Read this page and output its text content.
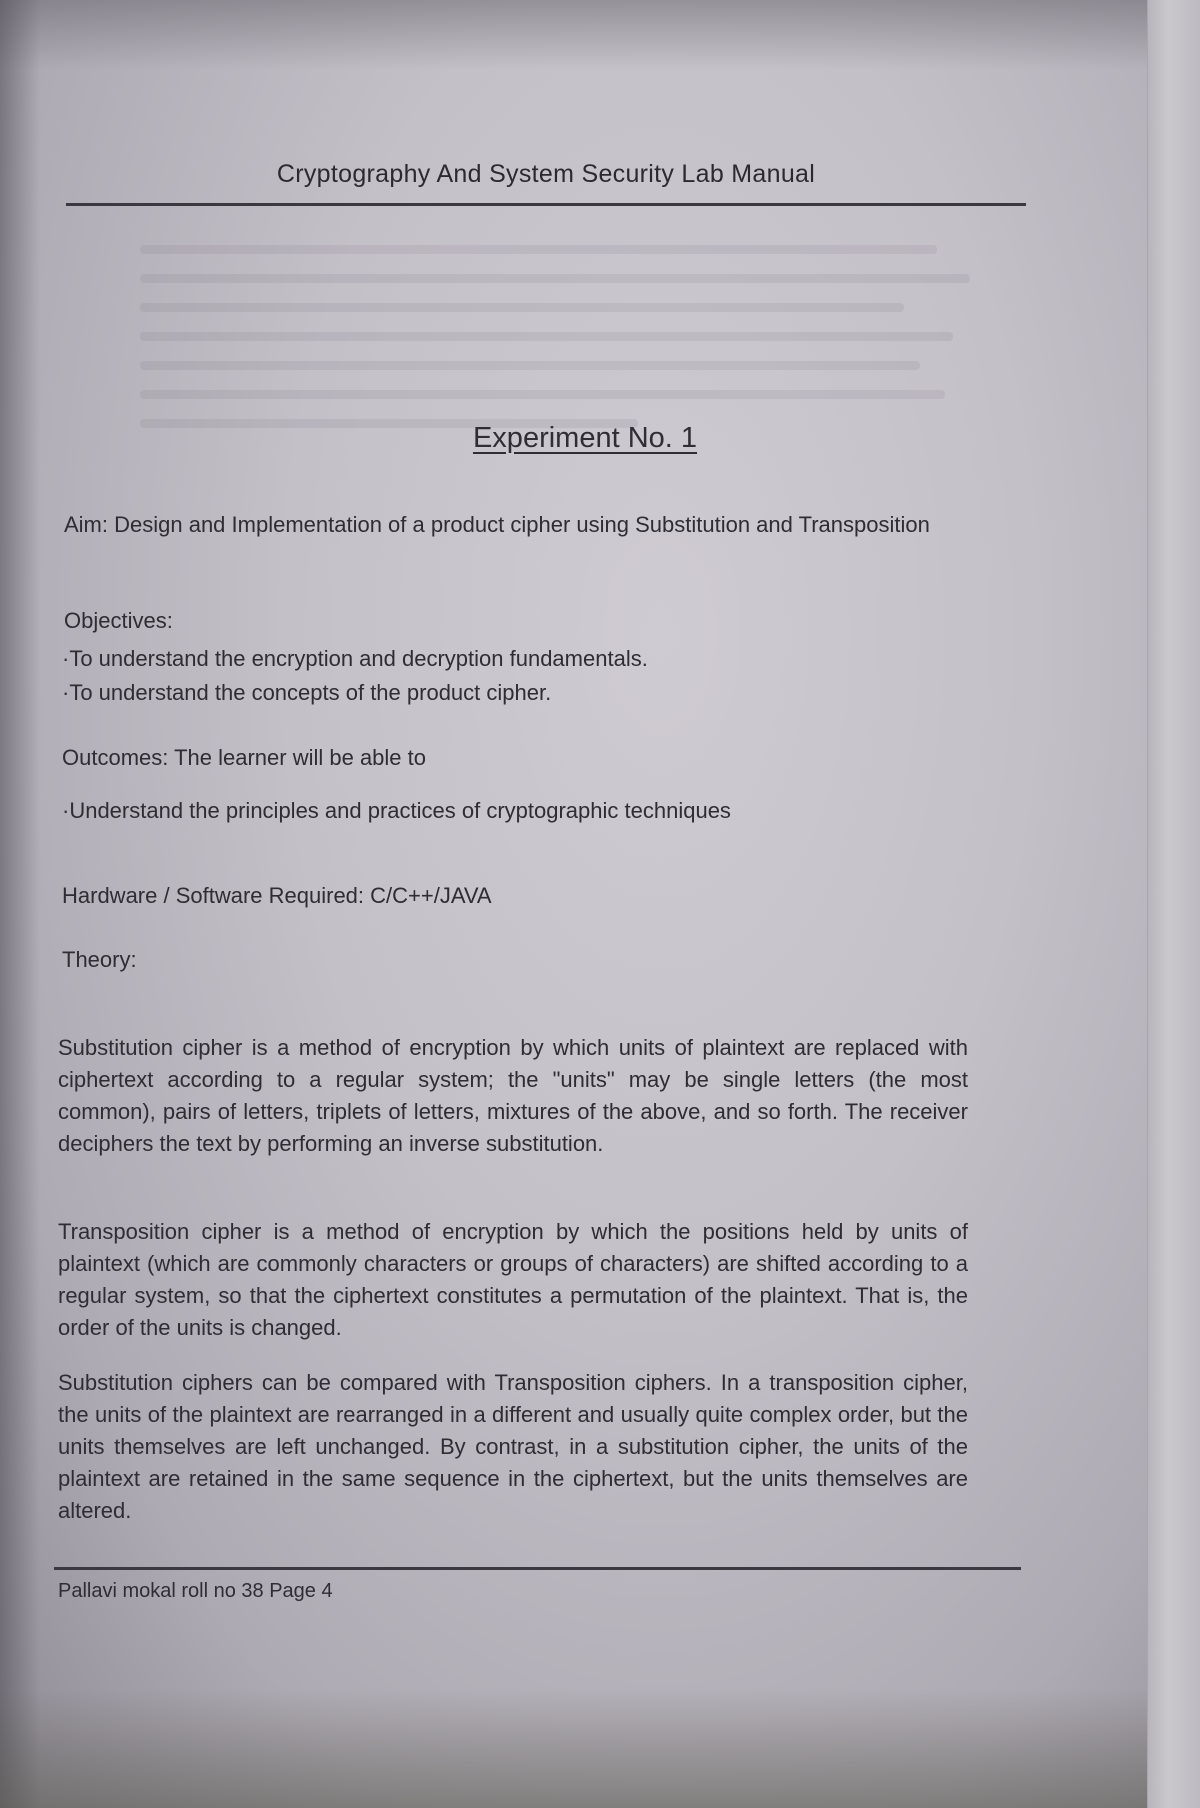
Cryptography And System Security Lab Manual
Experiment No. 1
Aim: Design and Implementation of a product cipher using Substitution and Transposition
Objectives:
· To understand the encryption and decryption fundamentals.
· To understand the concepts of the product cipher.
Outcomes: The learner will be able to
· Understand the principles and practices of cryptographic techniques
Hardware / Software Required: C/C++/JAVA
Theory:
Substitution cipher is a method of encryption by which units of plaintext are replaced with ciphertext according to a regular system; the "units" may be single letters (the most common), pairs of letters, triplets of letters, mixtures of the above, and so forth. The receiver deciphers the text by performing an inverse substitution.
Transposition cipher is a method of encryption by which the positions held by units of plaintext (which are commonly characters or groups of characters) are shifted according to a regular system, so that the ciphertext constitutes a permutation of the plaintext. That is, the order of the units is changed.
Substitution ciphers can be compared with Transposition ciphers. In a transposition cipher, the units of the plaintext are rearranged in a different and usually quite complex order, but the units themselves are left unchanged. By contrast, in a substitution cipher, the units of the plaintext are retained in the same sequence in the ciphertext, but the units themselves are altered.
Pallavi mokal roll no 38 Page 4
